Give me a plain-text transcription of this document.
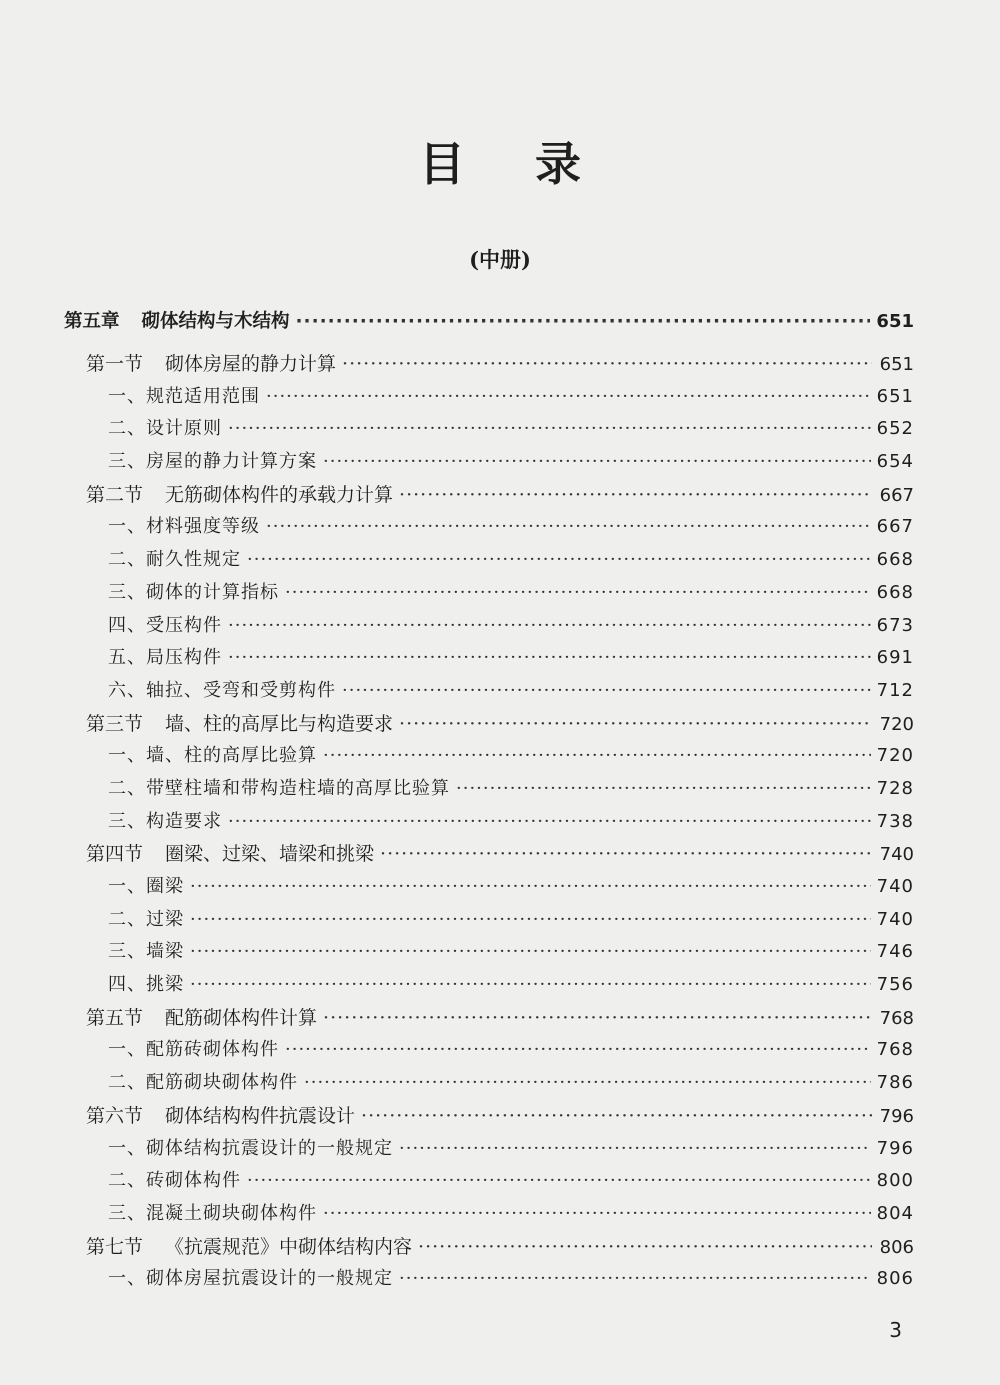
目录
(中册)
第五章 砌体结构与木结构 ·····	651
第一节 砌体房屋的静力计算 ·····	651
一、 规范适用范围 ·····	651
二、 设计原则 ·····	652
三、 房屋的静力计算方案 ·····	654
第二节 无筋砌体构件的承载力计算 ·····	667
一、 材料强度等级 ·····	667
二、 耐久性规定 ·····	668
三、 砌体的计算指标 ·····	668
四、 受压构件 ·····	673
五、 局压构件 ·····	691
六、 轴拉、受弯和受剪构件 ·····	712
第三节 墙、柱的高厚比与构造要求 ·····	720
一、 墙、柱的高厚比验算 ·····	720
二、 带壁柱墙和带构造柱墙的高厚比验算 ·····	728
三、 构造要求 ·····	738
第四节 圈梁、过梁、墙梁和挑梁 ·····	740
一、 圈梁 ·····	740
二、 过梁 ·····	740
三、 墙梁 ·····	746
四、 挑梁 ·····	756
第五节 配筋砌体构件计算 ·····	768
一、 配筋砖砌体构件 ·····	768
二、 配筋砌块砌体构件 ·····	786
第六节 砌体结构构件抗震设计 ·····	796
一、 砌体结构抗震设计的一般规定 ·····	796
二、 砖砌体构件 ·····	800
三、 混凝土砌块砌体构件 ·····	804
第七节 《抗震规范》中砌体结构内容 ·····	806
一、 砌体房屋抗震设计的一般规定 ·····	806
3
